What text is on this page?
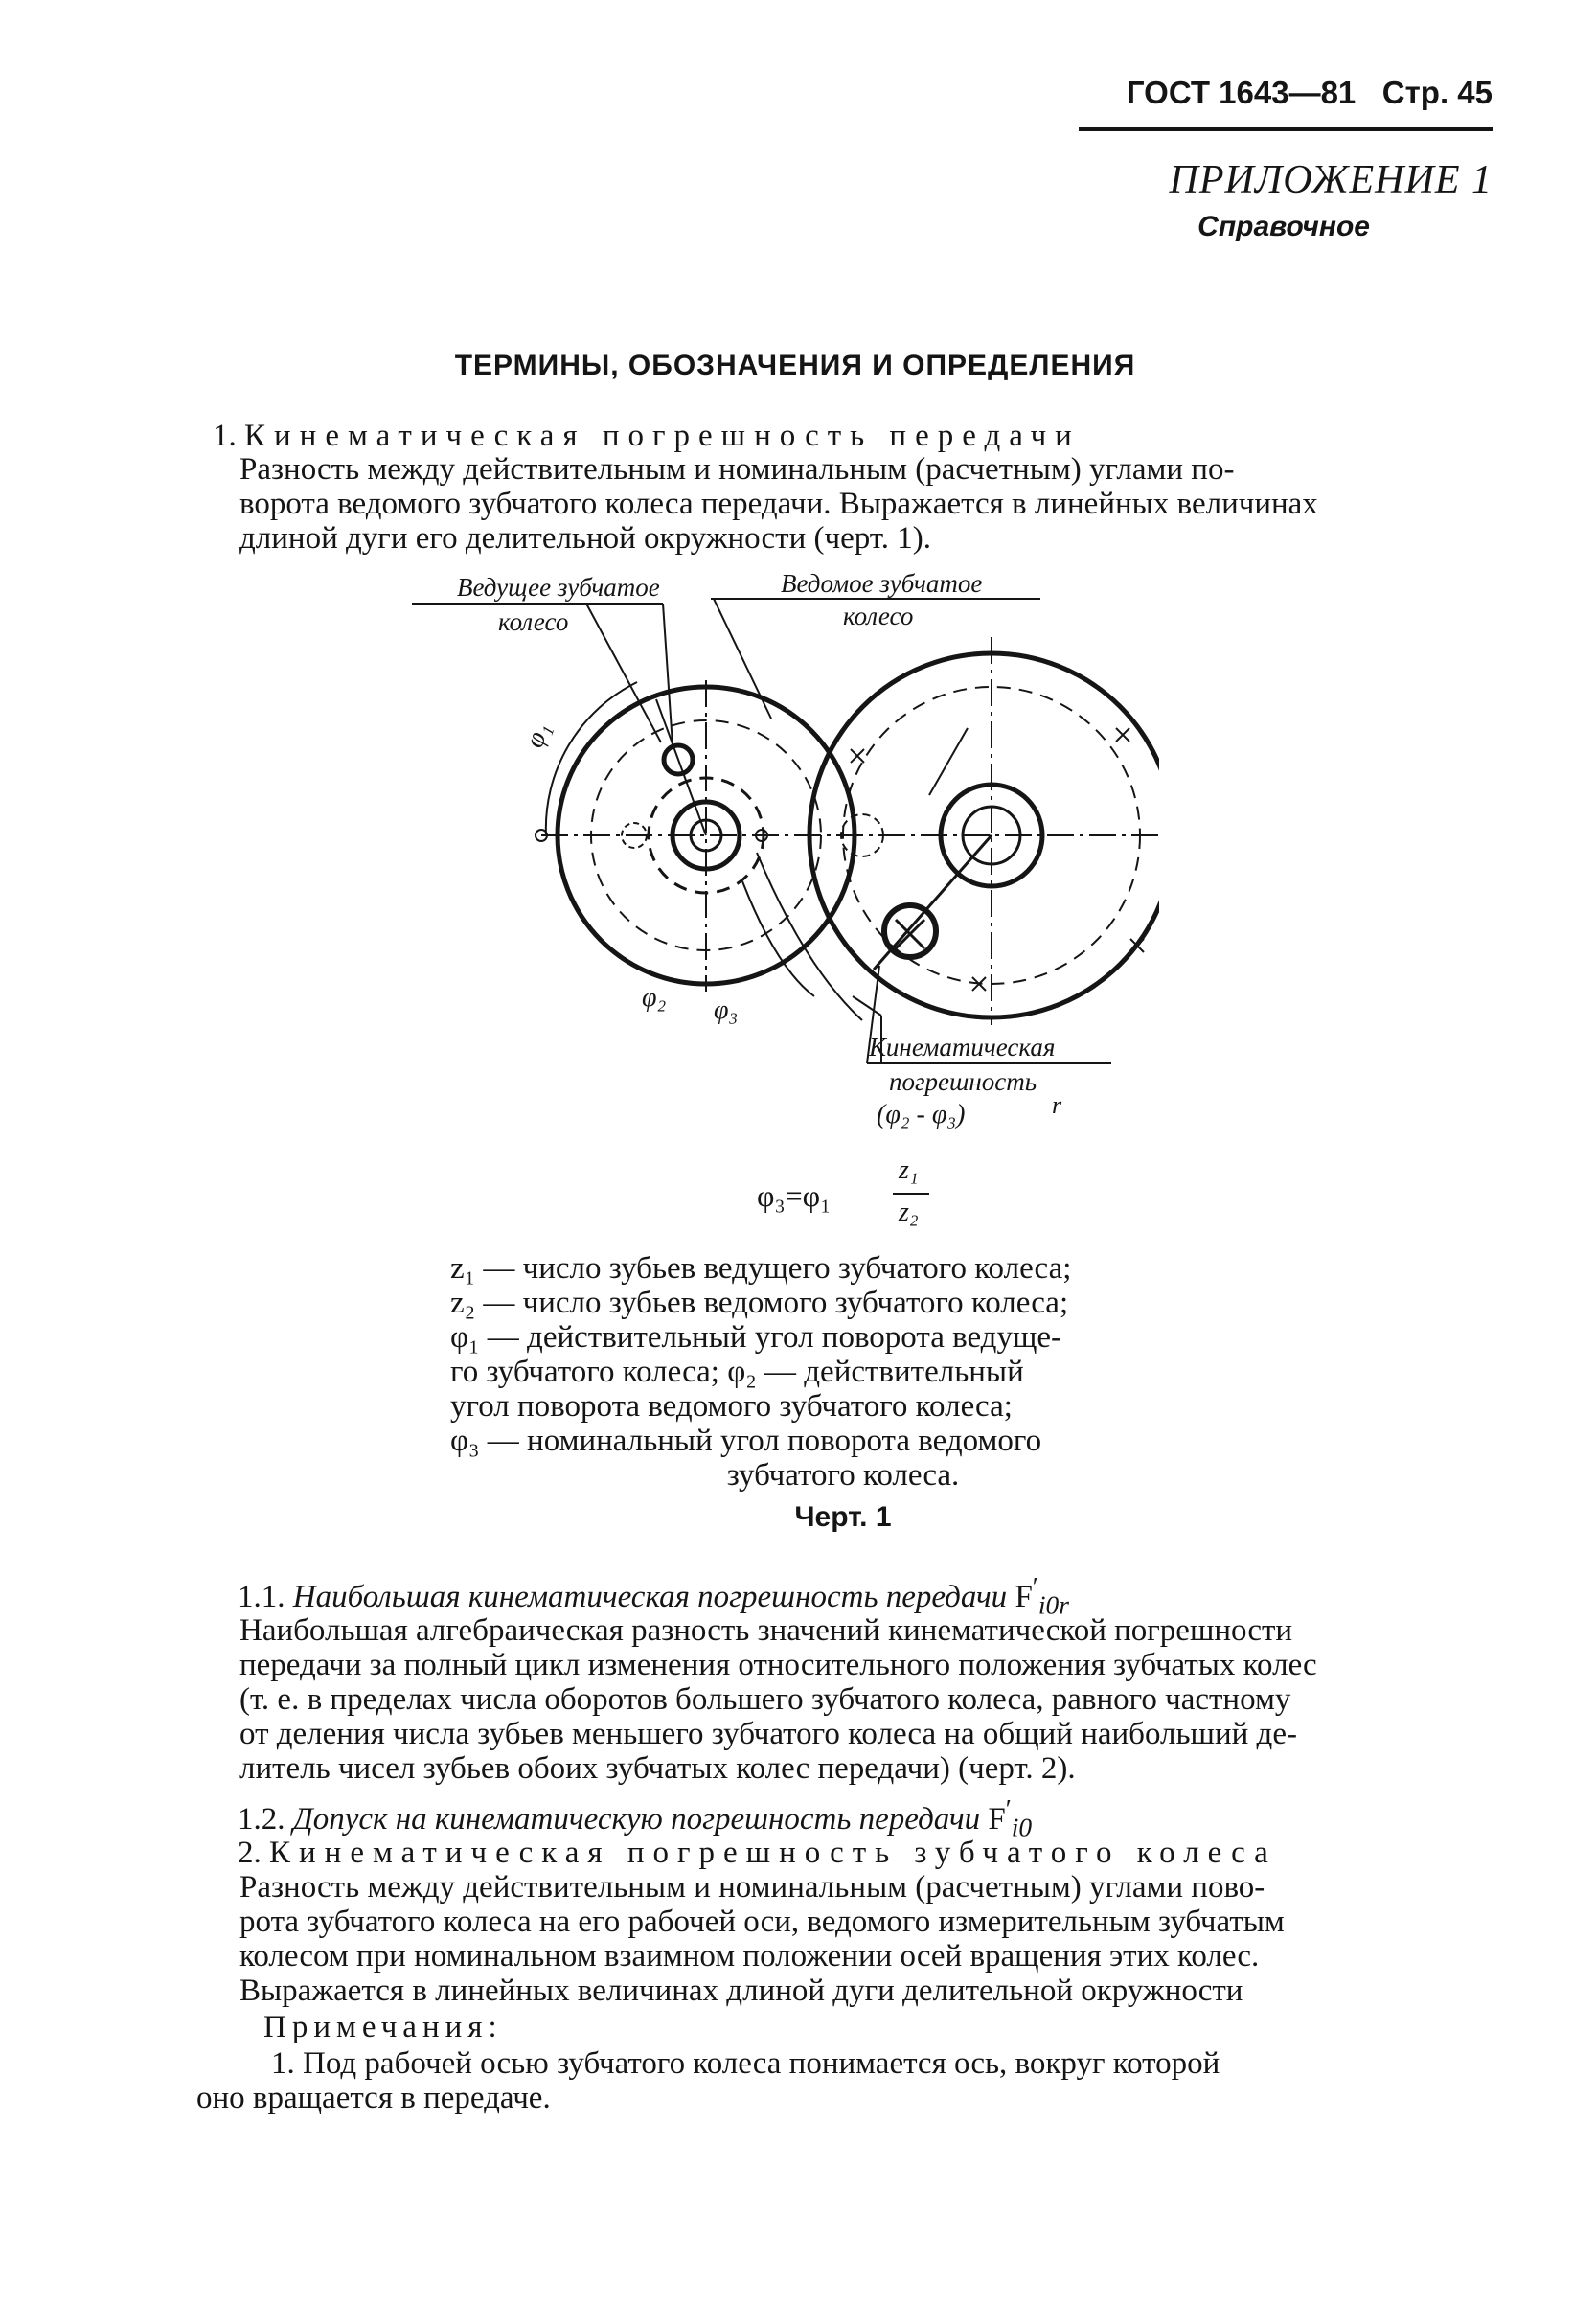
ГОСТ 1643—81 Стр. 45
ПРИЛОЖЕНИЕ 1
Справочное
ТЕРМИНЫ, ОБОЗНАЧЕНИЯ И ОПРЕДЕЛЕНИЯ
1. Кинематическая погрешность передачи
Разность между действительным и номинальным (расчетным) углами по-
ворота ведомого зубчатого колеса передачи. Выражается в линейных величинах
длиной дуги его делительной окружности (черт. 1).
Ведущее зубчатое
колесо
Ведомое зубчатое
колесо
φ₁
φ₂ φ₃
Кинематическая
погрешность
(φ₂ - φ₃)	r
φ₃=φ₁
z₁
z₂
z₁ — число зубьев ведущего зубчатого колеса;
z₂ — число зубьев ведомого зубчатого колеса;
φ₁ — действительный угол поворота ведуще-
го зубчатого колеса; φ₂ — действительный
угол поворота ведомого зубчатого колеса;
φ₃ — номинальный угол поворота ведомого
зубчатого колеса.
Черт. 1
1.1. Наибольшая кинематическая погрешность передачи $F'_{i0r}$
Наибольшая алгебраическая разность значений кинематической погрешности
передачи за полный цикл изменения относительного положения зубчатых колес
(т. е. в пределах числа оборотов большего зубчатого колеса, равного частному
от деления числа зубьев меньшего зубчатого колеса на общий наибольший де-
литель чисел зубьев обоих зубчатых колес передачи) (черт. 2).
1.2. Допуск на кинематическую погрешность передачи $F'_{i0}$
2. Кинематическая погрешность зубчатого колеса
Разность между действительным и номинальным (расчетным) углами пово-
рота зубчатого колеса на его рабочей оси, ведомого измерительным зубчатым
колесом при номинальном взаимном положении осей вращения этих колес.
Выражается в линейных величинах длиной дуги делительной окружности
Примечания:
1. Под рабочей осью зубчатого колеса понимается ось, вокруг которой
оно вращается в передаче.
